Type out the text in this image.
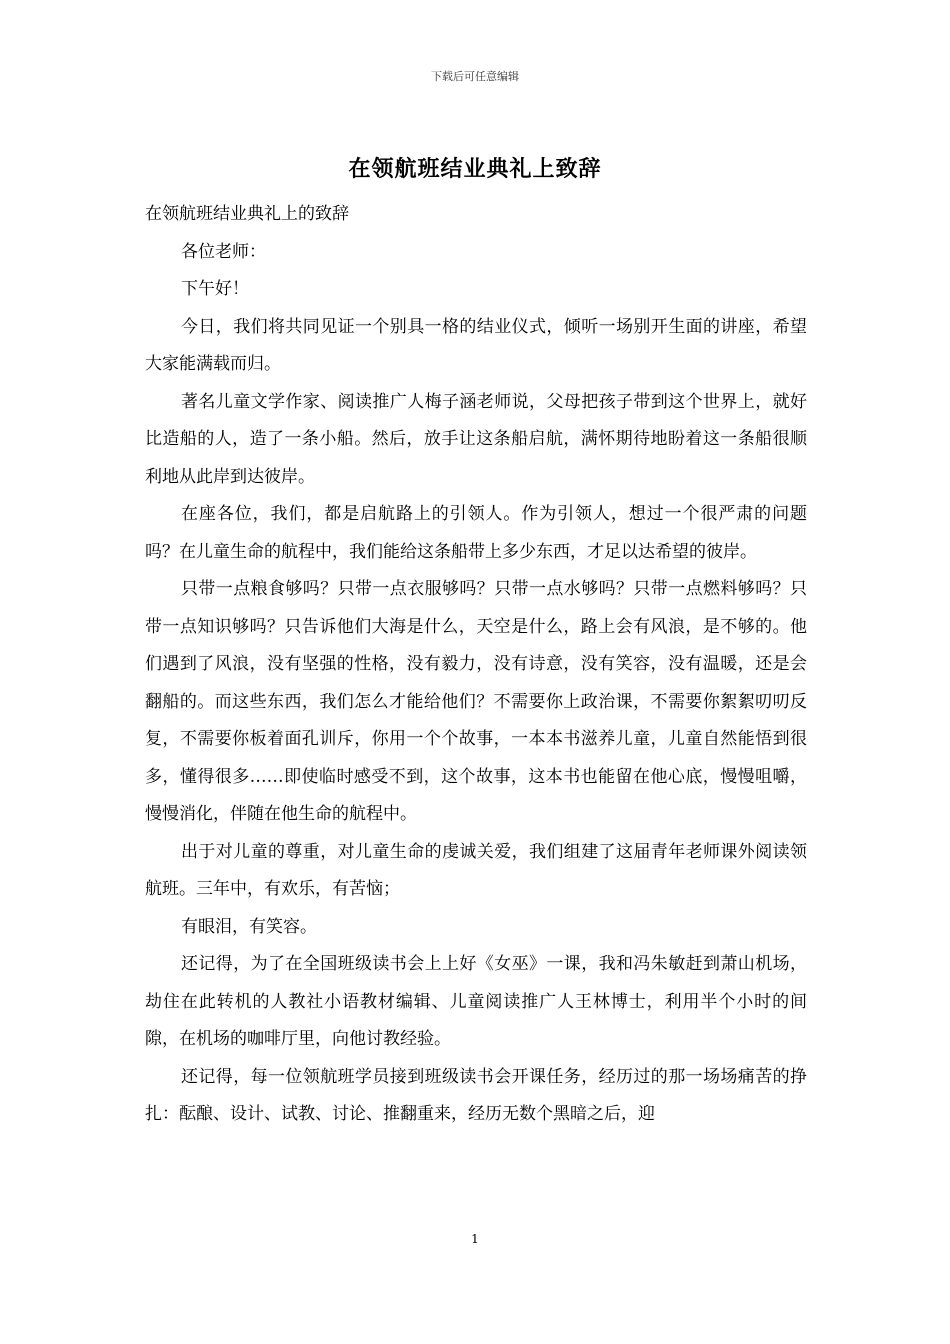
下载后可任意编辑
在领航班结业典礼上致辞

在领航班结业典礼上的致辞

各位老师：

下午好！

今日，我们将共同见证一个别具一格的结业仪式，倾听一场别开生面的讲座，希望大家能满载而归。

著名儿童文学作家、阅读推广人梅子涵老师说，父母把孩子带到这个世界上，就好比造船的人，造了一条小船。然后，放手让这条船启航，满怀期待地盼着这一条船很顺利地从此岸到达彼岸。

在座各位，我们，都是启航路上的引领人。作为引领人，想过一个很严肃的问题吗？在儿童生命的航程中，我们能给这条船带上多少东西，才足以达希望的彼岸。

只带一点粮食够吗？只带一点衣服够吗？只带一点水够吗？只带一点燃料够吗？只带一点知识够吗？只告诉他们大海是什么，天空是什么，路上会有风浪，是不够的。他们遇到了风浪，没有坚强的性格，没有毅力，没有诗意，没有笑容，没有温暖，还是会翻船的。而这些东西，我们怎么才能给他们？不需要你上政治课，不需要你絮絮叨叨反复，不需要你板着面孔训斥，你用一个个故事，一本本书滋养儿童，儿童自然能悟到很多，懂得很多……即使临时感受不到，这个故事，这本书也能留在他心底，慢慢咀嚼，慢慢消化，伴随在他生命的航程中。

出于对儿童的尊重，对儿童生命的虔诚关爱，我们组建了这届青年老师课外阅读领航班。三年中，有欢乐，有苦恼；

有眼泪，有笑容。

还记得，为了在全国班级读书会上上好《女巫》一课，我和冯朱敏赶到萧山机场，劫住在此转机的人教社小语教材编辑、儿童阅读推广人王林博士，利用半个小时的间隙，在机场的咖啡厅里，向他讨教经验。

还记得，每一位领航班学员接到班级读书会开课任务，经历过的那一场场痛苦的挣扎：酝酿、设计、试教、讨论、推翻重来，经历无数个黑暗之后，迎

1
